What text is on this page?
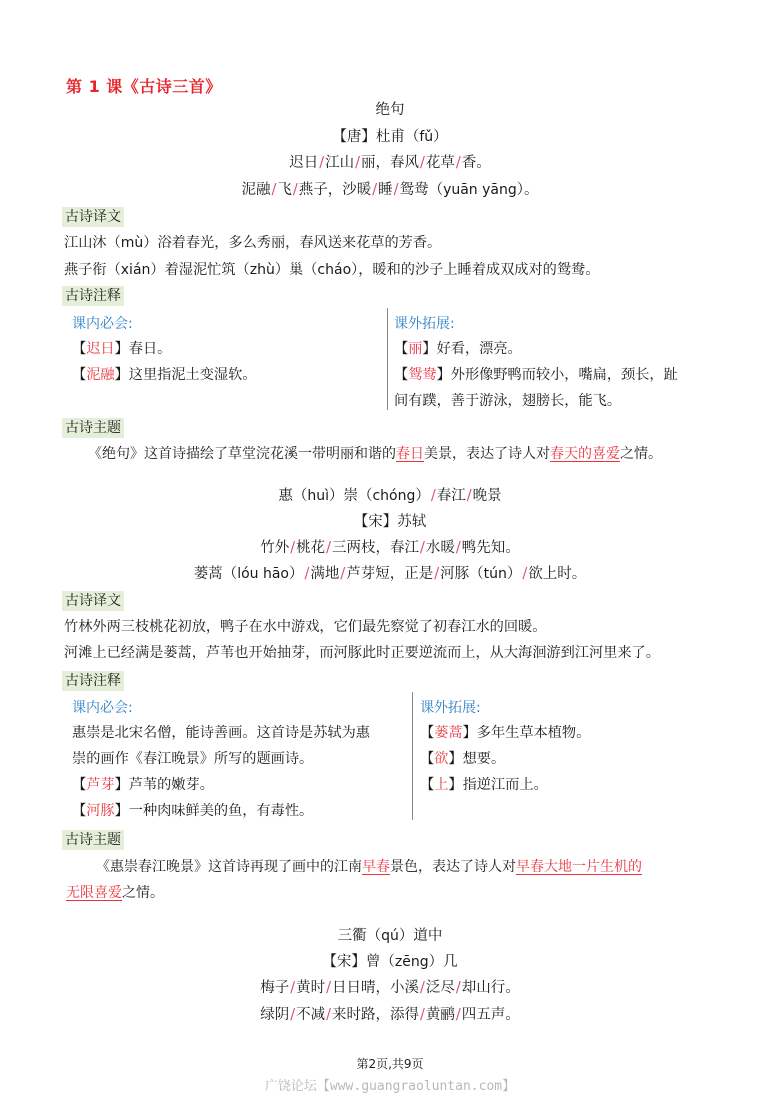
第 1 课《古诗三首》
绝句
【唐】杜甫（fǔ）
迟日/江山/丽，春风/花草/香。
泥融/飞/燕子，沙暖/睡/鸳鸯（yuān yāng）。
古诗译文
江山沐（mù）浴着春光，多么秀丽，春风送来花草的芳香。
燕子衔（xián）着湿泥忙筑（zhù）巢（cháo），暖和的沙子上睡着成双成对的鸳鸯。
古诗注释
课内必会:
【迟日】春日。
【泥融】这里指泥土变湿软。
课外拓展:
【丽】好看，漂亮。
【鸳鸯】外形像野鸭而较小，嘴扁，颈长，趾
间有蹼，善于游泳，翅膀长，能飞。
古诗主题
《绝句》这首诗描绘了草堂浣花溪一带明丽和谐的春日美景，表达了诗人对春天的喜爱之情。
惠（huì）崇（chóng）/春江/晚景
【宋】苏轼
竹外/桃花/三两枝，春江/水暖/鸭先知。
蒌蒿（lóu hāo）/满地/芦芽短，正是/河豚（tún）/欲上时。
古诗译文
竹林外两三枝桃花初放，鸭子在水中游戏，它们最先察觉了初春江水的回暖。
河滩上已经满是蒌蒿，芦苇也开始抽芽，而河豚此时正要逆流而上，从大海洄游到江河里来了。
古诗注释
课内必会:
惠崇是北宋名僧，能诗善画。这首诗是苏轼为惠
崇的画作《春江晚景》所写的题画诗。
【芦芽】芦苇的嫩芽。
【河豚】一种肉味鲜美的鱼，有毒性。
课外拓展:
【蒌蒿】多年生草本植物。
【欲】想要。
【上】指逆江而上。
古诗主题
《惠崇春江晚景》这首诗再现了画中的江南早春景色，表达了诗人对早春大地一片生机的
无限喜爱之情。
三衢（qú）道中
【宋】曾（zēng）几
梅子/黄时/日日晴，小溪/泛尽/却山行。
绿阴/不减/来时路，添得/黄鹂/四五声。
第2页,共9页
广饶论坛【www.guangraoluntan.com】
